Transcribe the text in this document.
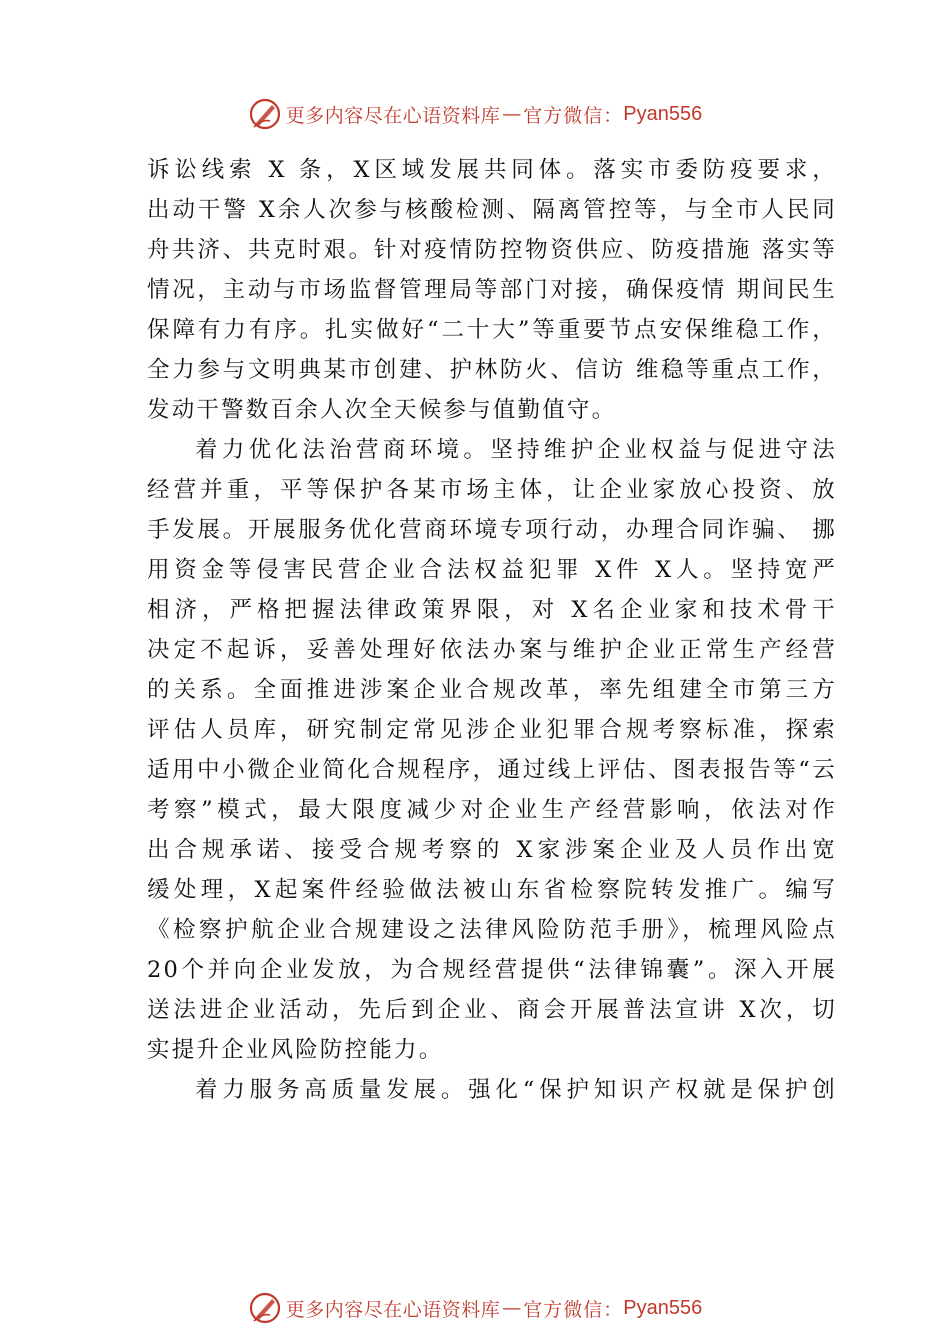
更多内容尽在心语资料库 — 官方微信： Pyan556
诉讼线索 X 条，X区域发展共同体。落实市委防疫要求，
出动干警 X余人次参与核酸检测、隔离管控等，与全市人民同
舟共济、共克时艰。针对疫情防控物资供应、防疫措施 落实等
情况，主动与市场监督管理局等部门对接，确保疫情 期间民生
保障有力有序。扎实做好“二十大”等重要节点安保维稳工作，
全力参与文明典某市创建、护林防火、信访 维稳等重点工作，
发动干警数百余人次全天候参与值勤值守。
着力优化法治营商环境。坚持维护企业权益与促进守法
经营并重，平等保护各某市场主体，让企业家放心投资、放
手发展。开展服务优化营商环境专项行动，办理合同诈骗、 挪
用资金等侵害民营企业合法权益犯罪 X件 X人。坚持宽严
相济，严格把握法律政策界限，对 X名企业家和技术骨干
决定不起诉，妥善处理好依法办案与维护企业正常生产经营
的关系。全面推进涉案企业合规改革，率先组建全市第三方
评估人员库，研究制定常见涉企业犯罪合规考察标准，探索
适用中小微企业简化合规程序，通过线上评估、图表报告等“云
考察”模式，最大限度减少对企业生产经营影响，依法对作
出合规承诺、接受合规考察的 X家涉案企业及人员作出宽
缓处理，X起案件经验做法被山东省检察院转发推广。编写
《检察护航企业合规建设之法律风险防范手册》，梳理风险点
20个并向企业发放，为合规经营提供“法律锦囊”。深入开展
送法进企业活动，先后到企业、商会开展普法宣讲 X次，切
实提升企业风险防控能力。
着力服务高质量发展。强化“保护知识产权就是保护创
更多内容尽在心语资料库 — 官方微信： Pyan556
